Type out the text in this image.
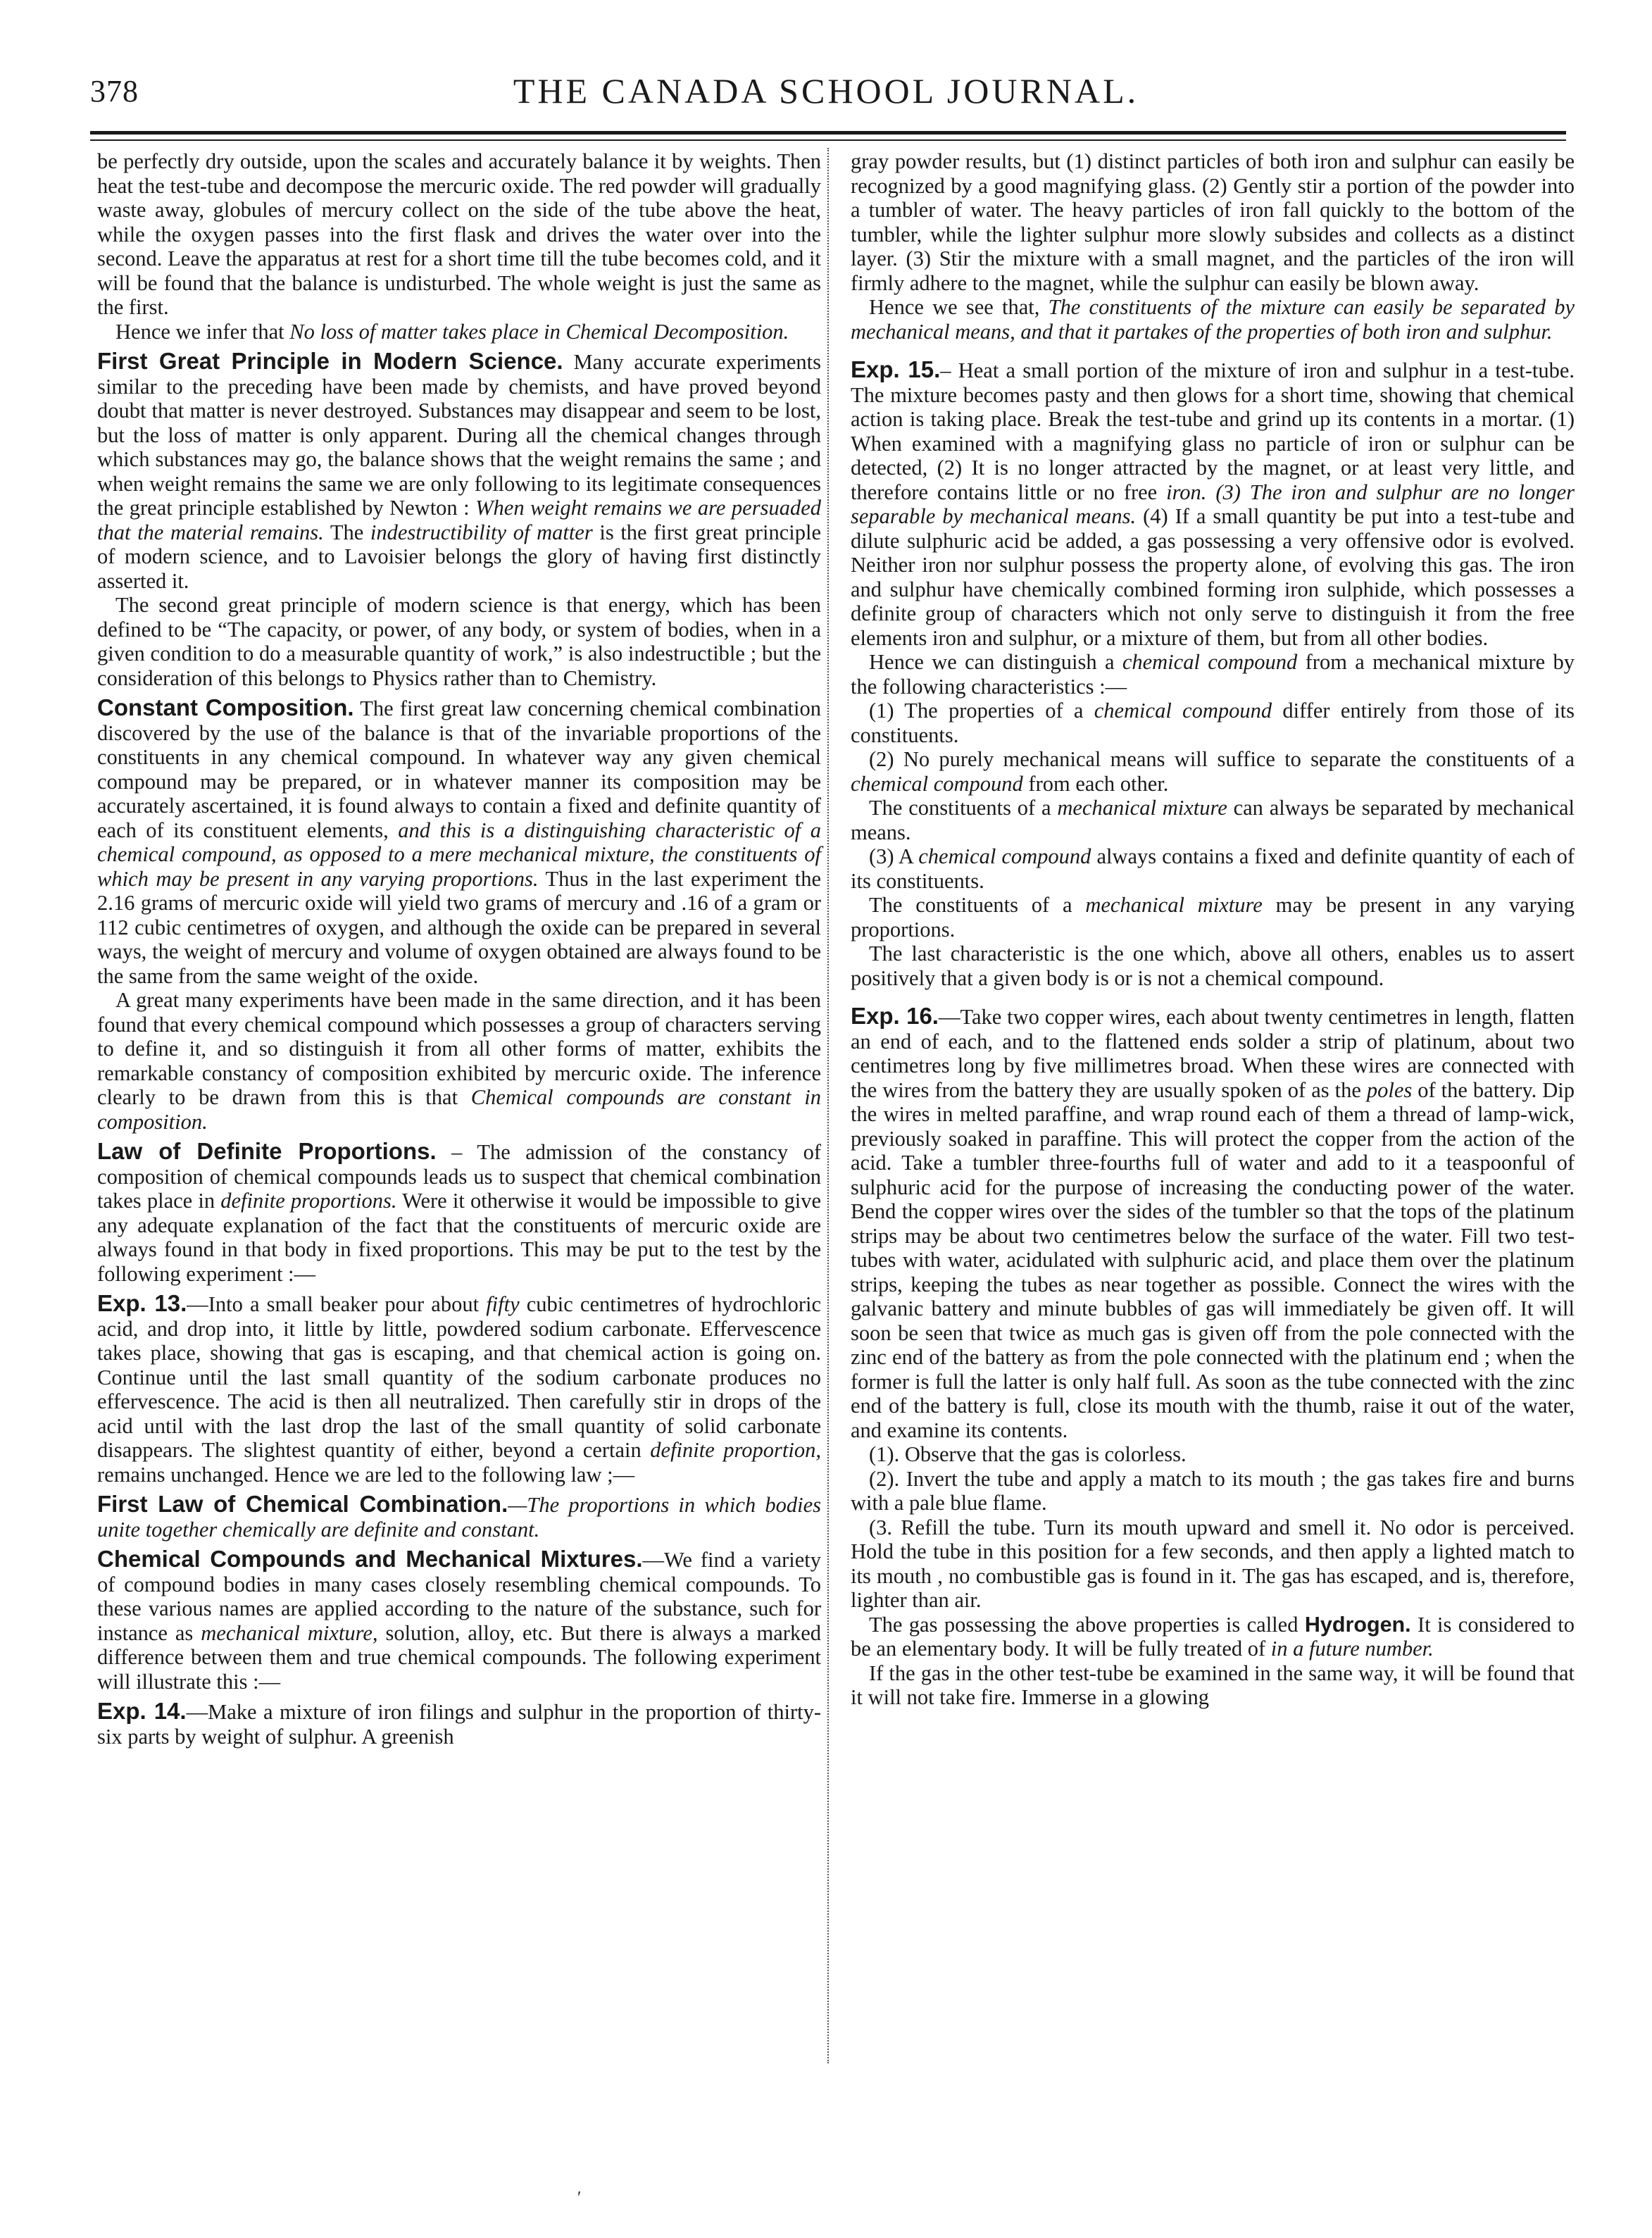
378	THE CANADA SCHOOL JOURNAL.

be perfectly dry outside, upon the scales and accurately balance it by weights. Then heat the test-tube and decompose the mercuric oxide. The red powder will gradually waste away, globules of mercury collect on the side of the tube above the heat, while the oxygen passes into the first flask and drives the water over into the second. Leave the apparatus at rest for a short time till the tube becomes cold, and it will be found that the balance is undisturbed. The whole weight is just the same as the first.

Hence we infer that No loss of matter takes place in Chemical Decomposition.

First Great Principle in Modern Science. Many accurate experiments similar to the preceding have been made by chemists, and have proved beyond doubt that matter is never destroyed. Substances may disappear and seem to be lost, but the loss of matter is only apparent. During all the chemical changes through which substances may go, the balance shows that the weight remains the same ; and when weight remains the same we are only following to its legitimate consequences the great principle established by Newton : When weight remains we are persuaded that the material remains. The indestructibility of matter is the first great principle of modern science, and to Lavoisier belongs the glory of having first distinctly asserted it.

The second great principle of modern science is that energy, which has been defined to be “The capacity, or power, of any body, or system of bodies, when in a given condition to do a measurable quantity of work,” is also indestructible ; but the consideration of this belongs to Physics rather than to Chemistry.

Constant Composition. The first great law concerning chemical combination discovered by the use of the balance is that of the invariable proportions of the constituents in any chemical compound. In whatever way any given chemical compound may be prepared, or in whatever manner its composition may be accurately ascertained, it is found always to contain a fixed and definite quantity of each of its constituent elements, and this is a distinguishing characteristic of a chemical compound, as opposed to a mere mechanical mixture, the constituents of which may be present in any varying proportions. Thus in the last experiment the 2.16 grams of mercuric oxide will yield two grams of mercury and .16 of a gram or 112 cubic centimetres of oxygen, and although the oxide can be prepared in several ways, the weight of mercury and volume of oxygen obtained are always found to be the same from the same weight of the oxide.

A great many experiments have been made in the same direction, and it has been found that every chemical compound which possesses a group of characters serving to define it, and so distinguish it from all other forms of matter, exhibits the remarkable constancy of composition exhibited by mercuric oxide. The inference clearly to be drawn from this is that Chemical compounds are constant in composition.

Law of Definite Proportions. – The admission of the constancy of composition of chemical compounds leads us to suspect that chemical combination takes place in definite proportions. Were it otherwise it would be impossible to give any adequate explanation of the fact that the constituents of mercuric oxide are always found in that body in fixed proportions. This may be put to the test by the following experiment :—

Exp. 13.—Into a small beaker pour about fifty cubic centimetres of hydrochloric acid, and drop into, it little by little, powdered sodium carbonate. Effervescence takes place, showing that gas is escaping, and that chemical action is going on. Continue until the last small quantity of the sodium carbonate produces no effervescence. The acid is then all neutralized. Then carefully stir in drops of the acid until with the last drop the last of the small quantity of solid carbonate disappears. The slightest quantity of either, beyond a certain definite proportion, remains unchanged. Hence we are led to the following law ;—

First Law of Chemical Combination.—The proportions in which bodies unite together chemically are definite and constant.

Chemical Compounds and Mechanical Mixtures.—We find a variety of compound bodies in many cases closely resembling chemical compounds. To these various names are applied according to the nature of the substance, such for instance as mechanical mixture, solution, alloy, etc. But there is always a marked difference between them and true chemical compounds. The following experiment will illustrate this :—

Exp. 14.—Make a mixture of iron filings and sulphur in the proportion of thirty-six parts by weight of sulphur. A greenish

gray powder results, but (1) distinct particles of both iron and sulphur can easily be recognized by a good magnifying glass. (2) Gently stir a portion of the powder into a tumbler of water. The heavy particles of iron fall quickly to the bottom of the tumbler, while the lighter sulphur more slowly subsides and collects as a distinct layer. (3) Stir the mixture with a small magnet, and the particles of the iron will firmly adhere to the magnet, while the sulphur can easily be blown away.

Hence we see that, The constituents of the mixture can easily be separated by mechanical means, and that it partakes of the properties of both iron and sulphur.

Exp. 15.– Heat a small portion of the mixture of iron and sulphur in a test-tube. The mixture becomes pasty and then glows for a short time, showing that chemical action is taking place. Break the test-tube and grind up its contents in a mortar. (1) When examined with a magnifying glass no particle of iron or sulphur can be detected, (2) It is no longer attracted by the magnet, or at least very little, and therefore contains little or no free iron. (3) The iron and sulphur are no longer separable by mechanical means. (4) If a small quantity be put into a test-tube and dilute sulphuric acid be added, a gas possessing a very offensive odor is evolved. Neither iron nor sulphur possess the property alone, of evolving this gas. The iron and sulphur have chemically combined forming iron sulphide, which possesses a definite group of characters which not only serve to distinguish it from the free elements iron and sulphur, or a mixture of them, but from all other bodies.

Hence we can distinguish a chemical compound from a mechanical mixture by the following characteristics :—

(1) The properties of a chemical compound differ entirely from those of its constituents.

(2) No purely mechanical means will suffice to separate the constituents of a chemical compound from each other.

The constituents of a mechanical mixture can always be separated by mechanical means.

(3) A chemical compound always contains a fixed and definite quantity of each of its constituents.

The constituents of a mechanical mixture may be present in any varying proportions.

The last characteristic is the one which, above all others, enables us to assert positively that a given body is or is not a chemical compound.

Exp. 16.—Take two copper wires, each about twenty centimetres in length, flatten an end of each, and to the flattened ends solder a strip of platinum, about two centimetres long by five millimetres broad. When these wires are connected with the wires from the battery they are usually spoken of as the poles of the battery. Dip the wires in melted paraffine, and wrap round each of them a thread of lamp-wick, previously soaked in paraffine. This will protect the copper from the action of the acid. Take a tumbler three-fourths full of water and add to it a teaspoonful of sulphuric acid for the purpose of increasing the conducting power of the water. Bend the copper wires over the sides of the tumbler so that the tops of the platinum strips may be about two centimetres below the surface of the water. Fill two test-tubes with water, acidulated with sulphuric acid, and place them over the platinum strips, keeping the tubes as near together as possible. Connect the wires with the galvanic battery and minute bubbles of gas will immediately be given off. It will soon be seen that twice as much gas is given off from the pole connected with the zinc end of the battery as from the pole connected with the platinum end ; when the former is full the latter is only half full. As soon as the tube connected with the zinc end of the battery is full, close its mouth with the thumb, raise it out of the water, and examine its contents.

(1). Observe that the gas is colorless.

(2). Invert the tube and apply a match to its mouth ; the gas takes fire and burns with a pale blue flame.

(3. Refill the tube. Turn its mouth upward and smell it. No odor is perceived. Hold the tube in this position for a few seconds, and then apply a lighted match to its mouth , no combustible gas is found in it. The gas has escaped, and is, therefore, lighter than air.

The gas possessing the above properties is called Hydrogen. It is considered to be an elementary body. It will be fully treated of in a future number.

If the gas in the other test-tube be examined in the same way, it will be found that it will not take fire. Immerse in a glowing

′
